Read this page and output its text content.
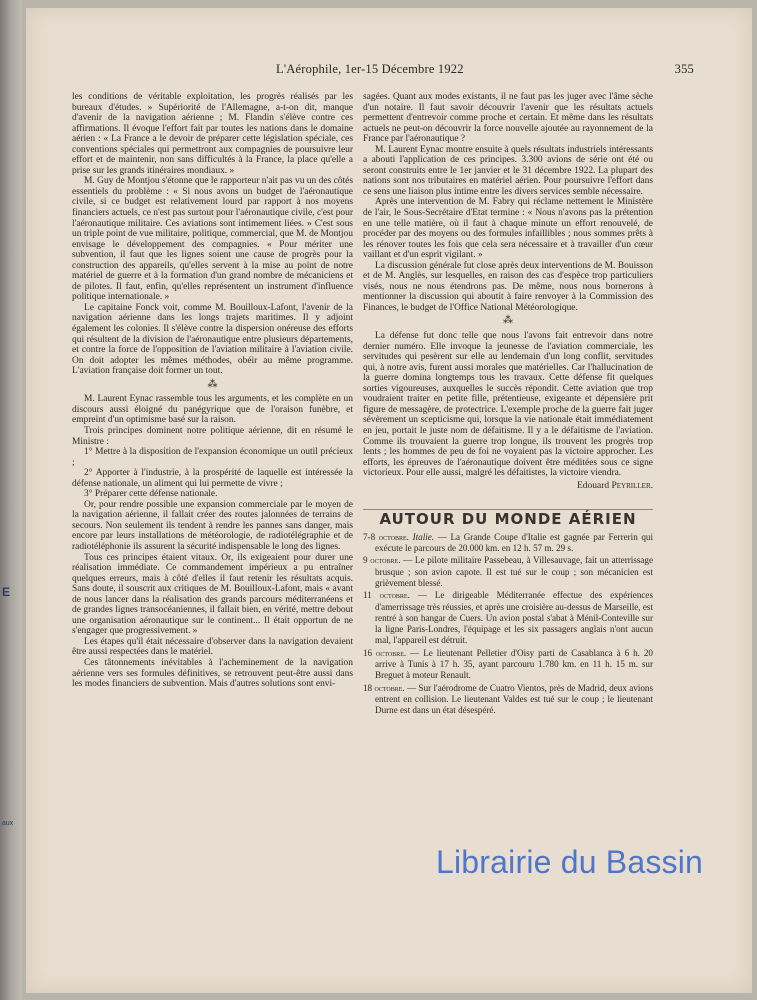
E
aux
L'Aérophile, 1er-15 Décembre 1922	355

les conditions de véritable exploitation, les progrès réalisés par les bureaux d'études. » Supériorité de l'Allemagne, a-t-on dit, manque d'avenir de la navigation aérienne ; M. Flandin s'élève contre ces affirmations. Il évoque l'effort fait par toutes les nations dans le domaine aérien : « La France a le devoir de préparer cette législation spéciale, ces conventions spéciales qui permettront aux compagnies de poursuivre leur effort et de maintenir, non sans difficultés à la France, la place qu'elle a prise sur les grands itinéraires mondiaux. »

M. Guy de Montjou s'étonne que le rapporteur n'ait pas vu un des côtés essentiels du problème : « Si nous avons un budget de l'aéronautique civile, si ce budget est relativement lourd par rapport à nos moyens financiers actuels, ce n'est pas surtout pour l'aéronautique civile, c'est pour l'aéronautique militaire. Ces aviations sont intimement liées. » C'est sous un triple point de vue militaire, politique, commercial, que M. de Montjou envisage le développement des compagnies. « Pour mériter une subvention, il faut que les lignes soient une cause de progrès pour la construction des appareils, qu'elles servent à la mise au point de notre matériel de guerre et à la formation d'un grand nombre de mécaniciens et de pilotes. Il faut, enfin, qu'elles représentent un instrument d'influence politique internationale. »

Le capitaine Fonck voit, comme M. Bouilloux-Lafont, l'avenir de la navigation aérienne dans les longs trajets maritimes. Il y adjoint également les colonies. Il s'élève contre la dispersion onéreuse des efforts qui résultent de la division de l'aéronautique entre plusieurs départements, et contre la force de l'opposition de l'aviation militaire à l'aviation civile. On doit adopter les mêmes méthodes, obéir au même programme. L'aviation française doit former un tout.

⁂

M. Laurent Eynac rassemble tous les arguments, et les complète en un discours aussi éloigné du panégyrique que de l'oraison funèbre, et empreint d'un optimisme basé sur la raison.

Trois principes dominent notre politique aérienne, dit en résumé le Ministre :

1° Mettre à la disposition de l'expansion économique un outil précieux ;

2° Apporter à l'industrie, à la prospérité de laquelle est intéressée la défense nationale, un aliment qui lui permette de vivre ;

3° Préparer cette défense nationale.

Or, pour rendre possible une expansion commerciale par le moyen de la navigation aérienne, il fallait créer des routes jalonnées de terrains de secours. Non seulement ils tendent à rendre les pannes sans danger, mais encore par leurs installations de météorologie, de radiotélégraphie et de radiotéléphonie ils assurent la sécurité indispensable le long des lignes.

Tous ces principes étaient vitaux. Or, ils exigeaient pour durer une réalisation immédiate. Ce commandement impérieux a pu entraîner quelques erreurs, mais à côté d'elles il faut retenir les résultats acquis. Sans doute, il souscrit aux critiques de M. Bouilloux-Lafont, mais « avant de nous lancer dans la réalisation des grands parcours méditerranéens et de grandes lignes transocéaniennes, il fallait bien, en vérité, mettre debout une organisation aéronautique sur le continent... Il était opportun de ne s'engager que progressivement. »

Les étapes qu'il était nécessaire d'observer dans la navigation devaient être aussi respectées dans le matériel.

Ces tâtonnements inévitables à l'acheminement de la navigation aérienne vers ses formules définitives, se retrouvent peut-être aussi dans les modes financiers de subvention. Mais d'autres solutions sont envi-

sagées. Quant aux modes existants, il ne faut pas les juger avec l'âme sèche d'un notaire. Il faut savoir découvrir l'avenir que les résultats actuels permettent d'entrevoir comme proche et certain. Et même dans les résultats actuels ne peut-on découvrir la force nouvelle ajoutée au rayonnement de la France par l'aéronautique ?

M. Laurent Eynac montre ensuite à quels résultats industriels intéressants a abouti l'application de ces principes. 3.300 avions de série ont été ou seront construits entre le 1er janvier et le 31 décembre 1922. La plupart des nations sont nos tributaires en matériel aérien. Pour poursuivre l'effort dans ce sens une liaison plus intime entre les divers services semble nécessaire.

Après une intervention de M. Fabry qui réclame nettement le Ministère de l'air, le Sous-Secrétaire d'Etat termine : « Nous n'avons pas la prétention en une telle matière, où il faut à chaque minute un effort renouvelé, de procéder par des moyens ou des formules infaillibles ; nous sommes prêts à les rénover toutes les fois que cela sera nécessaire et à travailler d'un cœur vaillant et d'un esprit vigilant. »

La discussion générale fut close après deux interventions de M. Bouisson et de M. Anglès, sur lesquelles, en raison des cas d'espèce trop particuliers visés, nous ne nous étendrons pas. De même, nous nous bornerons à mentionner la discussion qui aboutit à faire renvoyer à la Commission des Finances, le budget de l'Office National Météorologique.

⁂

La défense fut donc telle que nous l'avons fait entrevoir dans notre dernier numéro. Elle invoque la jeunesse de l'aviation commerciale, les servitudes qui pesèrent sur elle au lendemain d'un long conflit, servitudes qui, à notre avis, furent aussi morales que matérielles. Car l'hallucination de la guerre domina longtemps tous les travaux. Cette défense fit quelques sorties vigoureuses, auxquelles le succès répondit. Cette aviation que trop voudraient traiter en petite fille, prétentieuse, exigeante et dépensière prit figure de messagère, de protectrice. L'exemple proche de la guerre fait juger sévèrement un scepticisme qui, lorsque la vie nationale était immédiatement en jeu, portait le juste nom de défaitisme. Il y a le défaitisme de l'aviation. Comme ils trouvaient la guerre trop longue, ils trouvent les progrès trop lents ; les hommes de peu de foi ne voyaient pas la victoire approcher. Les efforts, les épreuves de l'aéronautique doivent être méditées sous ce signe victorieux. Pour elle aussi, malgré les défaitistes, la victoire viendra.

Edouard Peyriller.
AUTOUR DU MONDE AÉRIEN
7-8 octobre. Italie. — La Grande Coupe d'Italie est gagnée par Ferrerin qui exécute le parcours de 20.000 km. en 12 h. 57 m. 29 s.
9 octobre. — Le pilote militaire Passebeau, à Villesauvage, fait un atterrissage brusque ; son avion capote. Il est tué sur le coup ; son mécanicien est grièvement blessé.
11 octobre. — Le dirigeable Méditerranée effectue des expériences d'amerrissage très réussies, et après une croisière au-dessus de Marseille, est rentré à son hangar de Cuers. Un avion postal s'abat à Ménil-Conteville sur la ligne Paris-Londres, l'équipage et les six passagers anglais n'ont aucun mal, l'appareil est détruit.
16 octobre. — Le lieutenant Pelletier d'Oisy parti de Casablanca à 6 h. 20 arrive à Tunis à 17 h. 35, ayant parcouru 1.780 km. en 11 h. 15 m. sur Breguet à moteur Renault.
18 octobre. — Sur l'aérodrome de Cuatro Vientos, près de Madrid, deux avions entrent en collision. Le lieutenant Valdes est tué sur le coup ; le lieutenant Durne est dans un état désespéré.
Librairie du Bassin
